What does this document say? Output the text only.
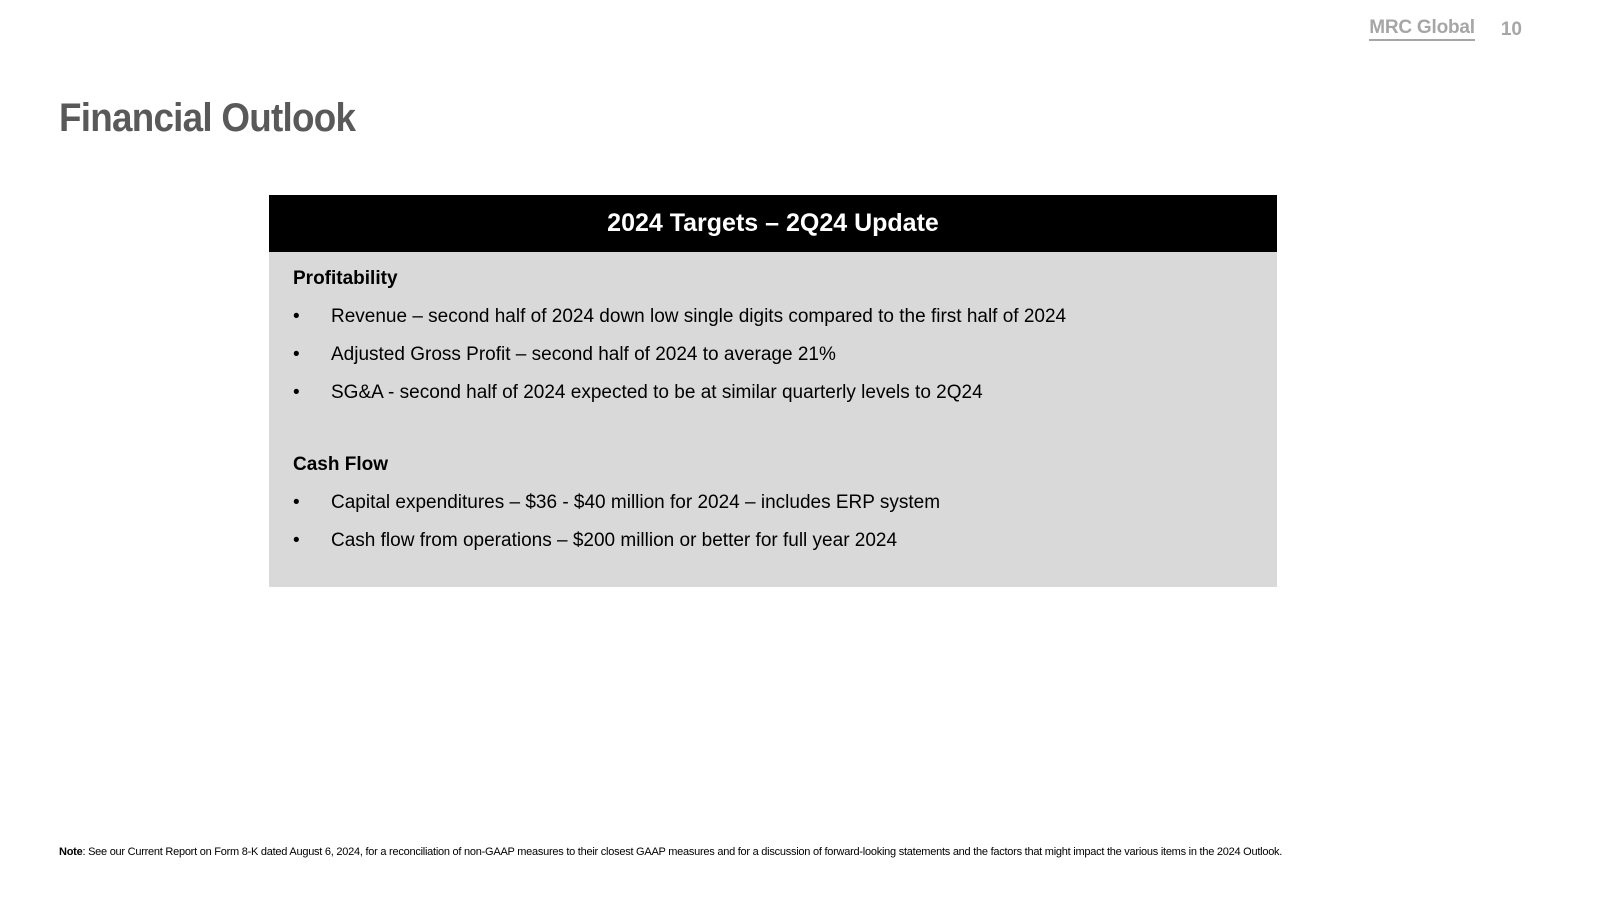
MRC Global 10
Financial Outlook
2024 Targets – 2Q24 Update
Profitability
•	Revenue – second half of 2024 down low single digits compared to the first half of 2024
•	Adjusted Gross Profit – second half of 2024 to average 21%
•	SG&A - second half of 2024 expected to be at similar quarterly levels to 2Q24
Cash Flow
•	Capital expenditures – $36 - $40 million for 2024 – includes ERP system
•	Cash flow from operations – $200 million or better for full year 2024
Note: See our Current Report on Form 8-K dated August 6, 2024, for a reconciliation of non-GAAP measures to their closest GAAP measures and for a discussion of forward-looking statements and the factors that might impact the various items in the 2024 Outlook.
